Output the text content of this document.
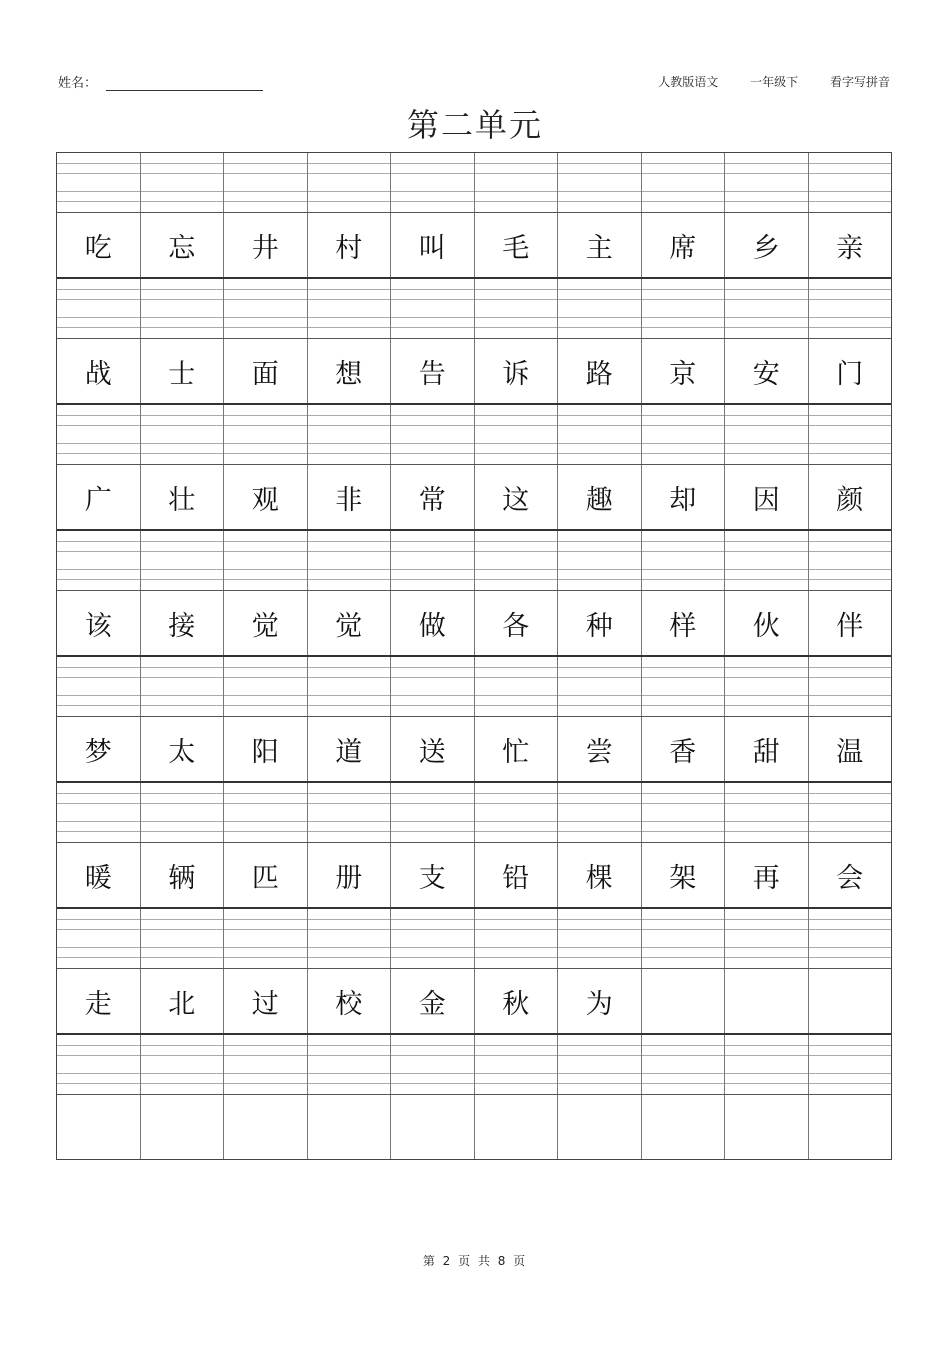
姓名：	人教版语文	一年级下	看字写拼音
第二单元
吃	忘	井	村	叫	毛	主	席	乡	亲
战	士	面	想	告	诉	路	京	安	门
广	壮	观	非	常	这	趣	却	因	颜
该	接	觉	觉	做	各	种	样	伙	伴
梦	太	阳	道	送	忙	尝	香	甜	温
暖	辆	匹	册	支	铅	棵	架	再	会
走	北	过	校	金	秋	为
第 2 页 共 8 页
